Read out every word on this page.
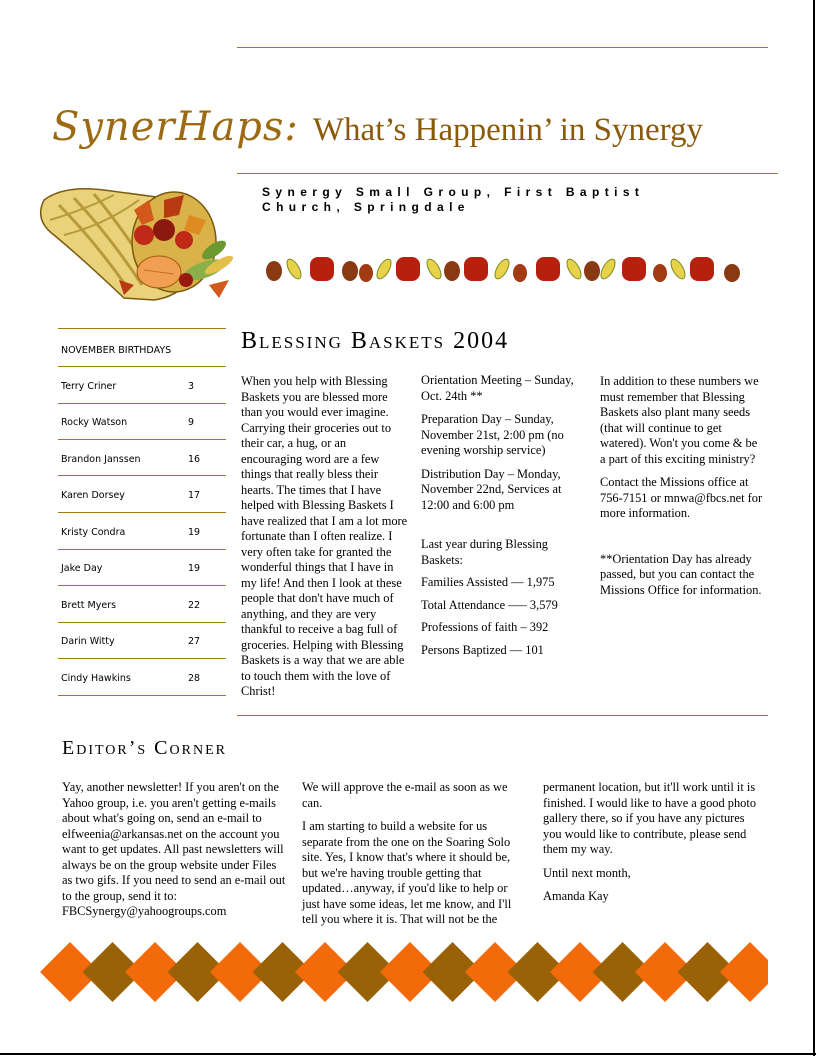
SynerHaps: What’s Happenin’ in Synergy
Synergy Small Group, First Baptist Church, Springdale
NOVEMBER BIRTHDAYS
Terry Criner	3
Rocky Watson	9
Brandon Janssen	16
Karen Dorsey	17
Kristy Condra	19
Jake Day	19
Brett Myers	22
Darin Witty	27
Cindy Hawkins	28
Blessing Baskets 2004

When you help with Blessing Baskets you are blessed more than you would ever imagine. Carrying their groceries out to their car, a hug, or an encouraging word are a few things that really bless their hearts. The times that I have helped with Blessing Baskets I have realized that I am a lot more fortunate than I often realize. I very often take for granted the wonderful things that I have in my life! And then I look at these people that don't have much of anything, and they are very thankful to receive a bag full of groceries. Helping with Blessing Baskets is a way that we are able to touch them with the love of Christ!

Orientation Meeting – Sunday, Oct. 24th **

Preparation Day – Sunday, November 21st, 2:00 pm (no evening worship service)

Distribution Day – Monday, November 22nd, Services at 12:00 and 6:00 pm

Last year during Blessing Baskets:

Families Assisted — 1,975

Total Attendance —– 3,579

Professions of faith – 392

Persons Baptized — 101

In addition to these numbers we must remember that Blessing Baskets also plant many seeds (that will continue to get watered). Won't you come & be a part of this exciting ministry?

Contact the Missions office at 756-7151 or mnwa@fbcs.net for more information.

**Orientation Day has already passed, but you can contact the Missions Office for information.

Editor’s Corner

Yay, another newsletter! If you aren't on the Yahoo group, i.e. you aren't getting e-mails about what's going on, send an e-mail to elfweenia@arkansas.net on the account you want to get updates. All past newsletters will always be on the group website under Files as two gifs. If you need to send an e-mail out to the group, send it to: FBCSynergy@yahoogroups.com

We will approve the e-mail as soon as we can.

I am starting to build a website for us separate from the one on the Soaring Solo site. Yes, I know that's where it should be, but we're having trouble getting that updated…anyway, if you'd like to help or just have some ideas, let me know, and I'll tell you where it is. That will not be the

permanent location, but it'll work until it is finished. I would like to have a good photo gallery there, so if you have any pictures you would like to contribute, please send them my way.

Until next month,

Amanda Kay
